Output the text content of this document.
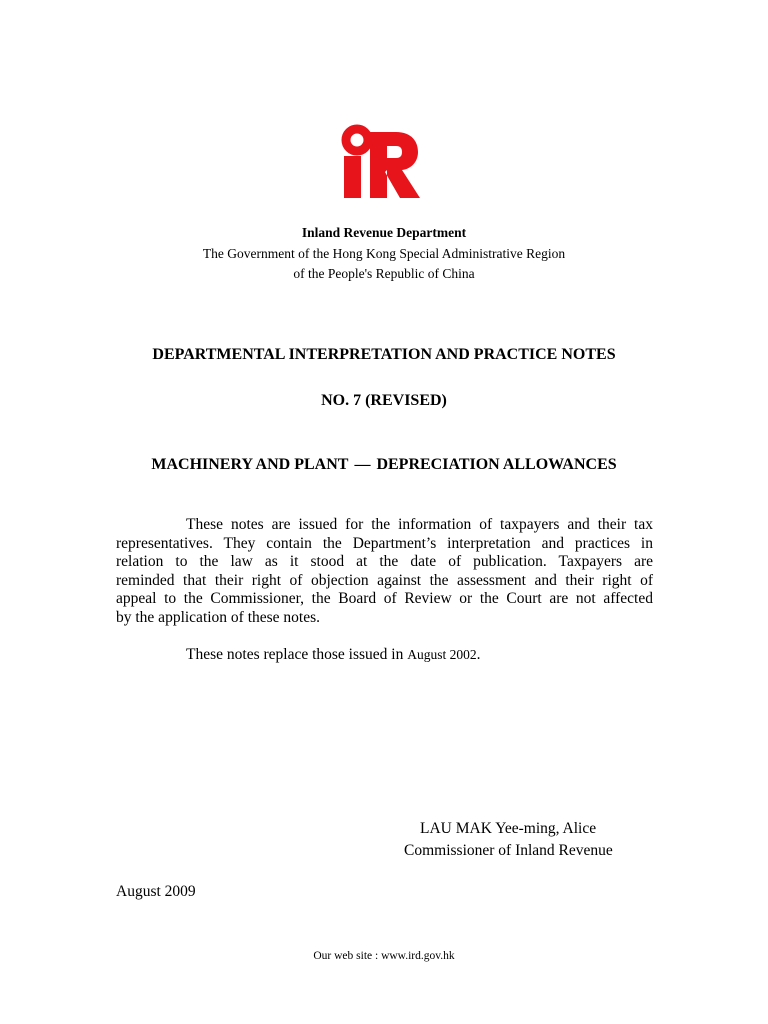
Inland Revenue Department
The Government of the Hong Kong Special Administrative Region
of the People's Republic of China
DEPARTMENTAL INTERPRETATION AND PRACTICE NOTES
NO. 7 (REVISED)
MACHINERY AND PLANT — DEPRECIATION ALLOWANCES
These notes are issued for the information of taxpayers and their tax
representatives. They contain the Department’s interpretation and practices in
relation to the law as it stood at the date of publication. Taxpayers are
reminded that their right of objection against the assessment and their right of
appeal to the Commissioner, the Board of Review or the Court are not affected
by the application of these notes.
These notes replace those issued in August 2002.
LAU MAK Yee-ming, Alice
Commissioner of Inland Revenue
August 2009
Our web site : www.ird.gov.hk
